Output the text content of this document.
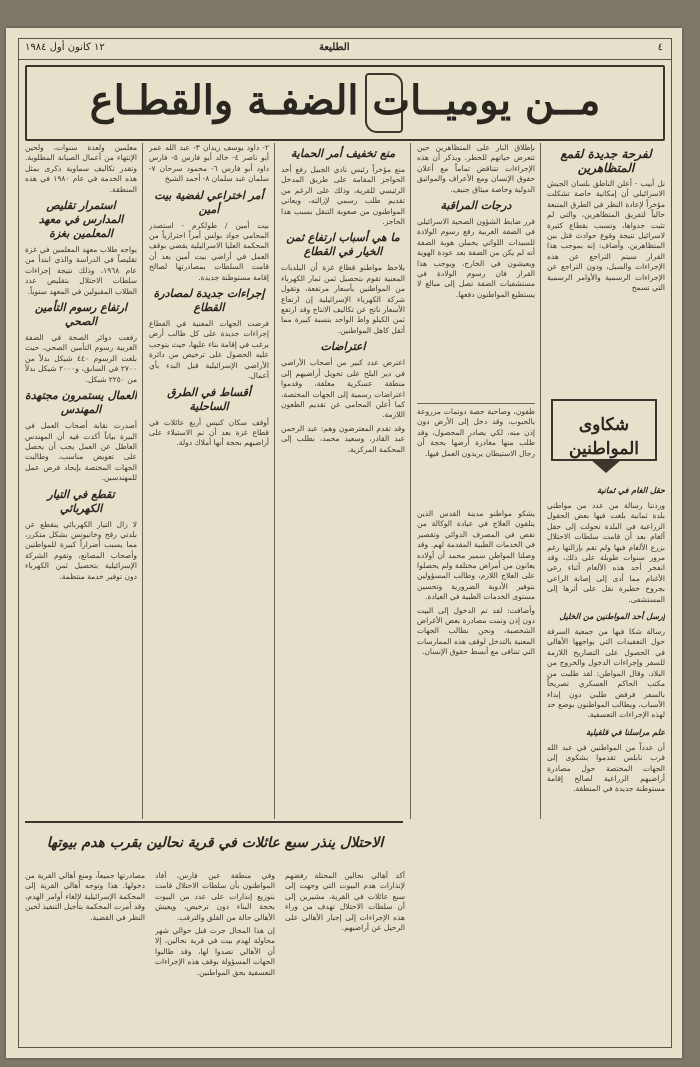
٤
الطليعة
١٢ كانون أول ١٩٨٤
مــن يوميــات الضفـة والقطـاع
لفرحة جديدة لقمع المتظاهرين

تل أبيب - أعلن الناطق بلسان الجيش الاسرائيلي أن إمكانية خاصة تشكلت مؤخراً لإعادة النظر في الطرق المتبعة حالياً لتفريق المتظاهرين، والتي لم تثبت جدواها، وتسبب بقطاع كثيرة لاسرائيل نتيجة وقوع حوادث قتل بين المتظاهرين. وأضاف: إنه بموجب هذا القرار سيتم التراجع عن هذه الإجراءات والسبل، ودون التراجع عن الإجراءات الرسمية والأوامر الرسمية التي تسمح

شكاوى المواطنين
حقل الغام في ثمانية

وردتنا رسالة من عدد من مواطني بلدة ثمانية بلغت فيها بعض الحقول الزراعية في البلدة تحولت إلى حقل ألغام بعد أن قامت سلطات الاحتلال بزرع الألغام فيها ولم تقم بإزالتها رغم مرور سنوات طويلة على ذلك، وقد انفجر أحد هذه الألغام أثناء رعي الأغنام مما أدى إلى إصابة الراعي بجروح خطيرة نقل على أثرها إلى المستشفى.

إرسل أحد المواطنين من الخليل

رسالة شكا فيها من جمعية السرقة حول التعقيدات التي يواجهها الأهالي في الحصول على التصاريح اللازمة للسفر وإجراءات الدخول والخروج من البلاد، وقال المواطن: لقد طلبت من مكتب الحاكم العسكري تصريحاً بالسفر فرفض طلبي دون إبداء الأسباب، ويطالب المواطنون بوضع حد لهذه الإجراءات التعسفية.

علم مراسلنا في قلقيلية

أن عدداً من المواطنين في عبد الله قرب نابلس تقدموا بشكوى إلى الجهات المختصة حول مصادرة أراضيهم الزراعية لصالح إقامة مستوطنة جديدة في المنطقة.

بإطلاق النار على المتظاهرين حين تتعرض حياتهم للخطر. ويذكر أن هذه الإجراءات تتناقض تماماً مع أعلان حقوق الإنسان ومع الأعراف والمواثيق الدولية وخاصة ميثاق جنيف.

درجات المراقبة

قرر ضابط الشؤون الصحية الاسرائيلي في الضفة الغربية رفع رسوم الولادة للسيدات اللواتي يحملن هوية الضفة أنه لم يكن من الضفة بعد عودة الهوية ويعيشون في الخارج، ويوجب هذا القرار فان رسوم الولادة في مستشفيات الضفة تصل إلى مبالغ لا يستطيع المواطنون دفعها.

طفون، وصاحبة حصة دونمات مزروعة بالحبوب، وقد دخل إلى الأرض دون إذن منه، لكي يصادر المحصول، وقد طلب منها مغادرة أرضها بحجة أن رجال الاستيطان يريدون العمل فيها.

يشكو مواطنو مدينة القدس الذين يتلقون العلاج في عيادة الوكالة من نقص في المصرف الدوائي وتقصير في الخدمات الطبية المقدمة لهم. وقد وصلنا المواطن سمير محمد أن أولاده يعانون من أمراض مختلفة ولم يحصلوا على العلاج اللازم، وطالب المسؤولين بتوفير الأدوية الضرورية وتحسين مستوى الخدمات الطبية في العيادة.

وأضافت: لقد تم الدخول إلى البيت دون إذن وتمت مصادرة بعض الأغراض الشخصية، ونحن نطالب الجهات المعنية بالتدخل لوقف هذه الممارسات التي تتنافى مع أبسط حقوق الإنسان.

منع تخفيف أمر الحماية

منع مؤخراً رئيس نادي الجبيل رفع أحد الحواجز المقامة على طريق المدخل الرئيسي للقرية، وذلك على الرغم من تقديم طلب رسمي لإزالته، ويعاني المواطنون من صعوبة التنقل بسبب هذا الحاجز.

ما هي أسباب ارتفاع ثمن الخيار في القطاع

يلاحظ مواطنو قطاع غزة أن البلديات المعنية تقوم بتحصيل ثمن ثمار الكهرباء من المواطنين بأسعار مرتفعة، وتقول شركة الكهرباء الإسرائيلية إن ارتفاع الأسعار ناتج عن تكاليف الانتاج وقد ارتفع ثمن الكيلو واط الواحد بنسبة كبيرة مما أثقل كاهل المواطنين.

اعتراضات

اعترض عدد كبير من أصحاب الأراضي في دير البلح على تحويل أراضيهم إلى منطقة عسكرية مغلقة، وقدموا اعتراضات رسمية إلى الجهات المختصة، كما أعلن المحامي عن تقديم الطعون اللازمة.

وقد تقدم المعترضون وهم: عبد الرحمن عبد القادر، وسعيد محمد، بطلب إلى المحكمة المركزية.

٢- داود يوسف زيدان ٣- عبد الله عمر أبو ناصر ٤- خالد أبو فارس ٥- فارس داود أبو فارس ٦- محمود سرحان ٧- سلمان عبد سلمان ٨- أحمد الشيخ

أمر اختراعي لفضية بيت أمين

بيت أمين / طولكرم - استصدر المحامي جواد بولس أمراً احترازياً من المحكمة العليا الاسرائيلية يقضي بوقف العمل في أراضي بيت أمين بعد أن قامت السلطات بمصادرتها لصالح إقامة مستوطنة جديدة.

إجراءات جديدة لمصادرة القطاع

فرضت الجهات المعنية في القطاع إجراءات جديدة على كل طالب أرض يرغب في إقامة بناء عليها، حيث يتوجب عليه الحصول على ترخيص من دائرة الأراضي الإسرائيلية قبل البدء بأي أعمال.

أقساط في الطرق الساحلية

أوقف سكان كنيس أربع عائلات في قطاع غزة بعد أن تم الاستيلاء على أراضيهم بحجة أنها أملاك دولة.

معلمين ولعدة سنوات، ولحين الإنتهاء من أعمال الصيانة المطلوبة. وتقدر تكاليف سماوية ذكرى بمثل هذه الخدمة في عام ١٩٨٠ في هذه المنطقة.

استمرار تقليص المدارس في معهد المعلمين بغزة

يواجه طلاب معهد المعلمين في غزة تقليصاً في الدراسة والذي ابتدأ من عام ١٩٦٨، وذلك نتيجة إجراءات سلطات الاحتلال بتقليص عدد الطلاب المقبولين في المعهد سنوياً.

ارتفاع رسوم التأمين الصحي

رفعت دوائر الصحة في الضفة الغربية رسوم التأمين الصحي، حيث بلغت الرسوم ٤٤٠ شيكل بدلاً من ٢٧٠٠ في السابق، و٢٠٠٠ شيكل بدلاً من ٢٢٥٠ شيكل.

العمال يستمرون مجتهدة المهندس

أصدرت نقابة أصحاب العمل في البيرة بياناً أكدت فيه أن المهندس العاطل عن العمل يجب أن يحصل على تعويض مناسب، وطالبت الجهات المختصة بإيجاد فرص عمل للمهندسين.

تقطع في التيار الكهربائي

لا زال التيار الكهربائي ينقطع عن بلدتي رفح وخانيونس بشكل متكرر، مما يسبب أضراراً كبيرة للمواطنين وأصحاب المصانع، وتقوم الشركة الإسرائيلية بتحصيل ثمن الكهرباء دون توفير خدمة منتظمة.

الاحتلال ينذر سبع عائلات في قرية نحالين بقرب هدم بيوتها

أكد أهالي نحالين المحتلة رفضهم لإنذارات هدم البيوت التي وجهت إلى سبع عائلات في القرية، مشيرين إلى أن سلطات الاحتلال تهدف من وراء هذه الإجراءات إلى إجبار الأهالي على الرحيل عن أراضيهم.

وفي منطقة عين فارس، أفاد المواطنون بأن سلطات الاحتلال قامت بتوزيع إنذارات على عدد من البيوت بحجة البناء دون ترخيص، ويعيش الأهالي حالة من القلق والترقب.

إن هذا المجال جرت قبل حوالي شهر محاولة لهدم بيت في قرية نحالين، إلا أن الأهالي تصدوا لها، وقد طالبوا الجهات المسؤولة بوقف هذه الإجراءات التعسفية بحق المواطنين.

مصادرتها جميعاً، ومنع أهالي القرية من دخولها. هذا وتوجه أهالي القرية إلى المحكمة الإسرائيلية لإلغاء أوامر الهدم، وقد أمرت المحكمة بتأجيل التنفيذ لحين النظر في القضية.
